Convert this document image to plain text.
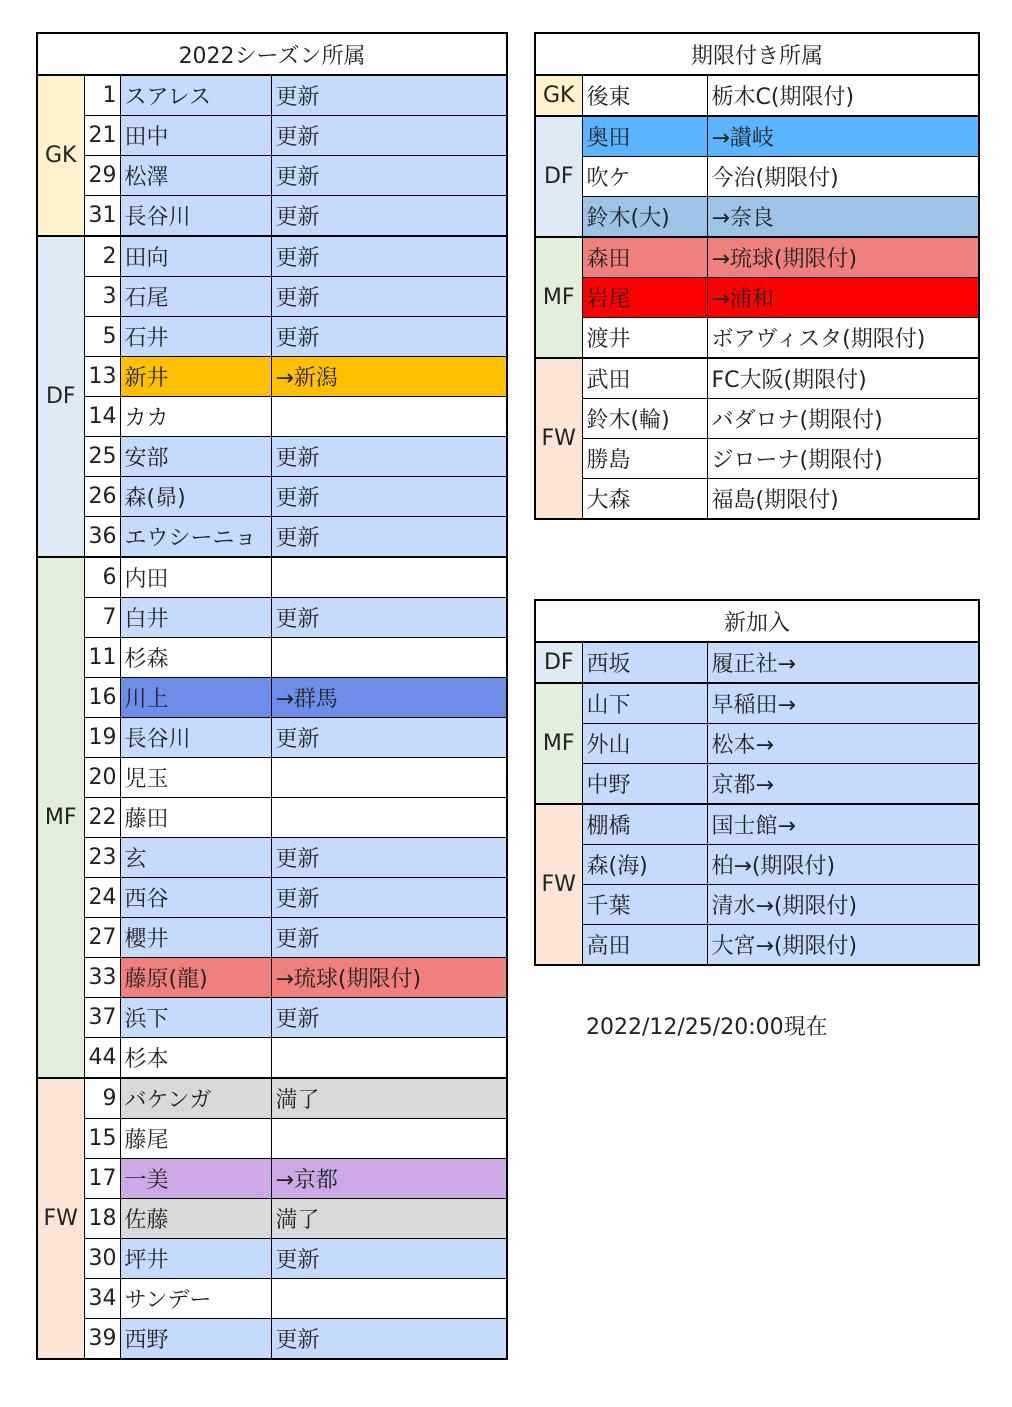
2022シーズン所属			
GK	1	スアレス	更新
	21	田中	更新
	29	松澤	更新
	31	長谷川	更新
DF	2	田向	更新
	3	石尾	更新
	5	石井	更新
	13	新井	→新潟
	14	カカ	
	25	安部	更新
	26	森(昴)	更新
	36	エウシーニョ	更新
MF	6	内田	
	7	白井	更新
	11	杉森	
	16	川上	→群馬
	19	長谷川	更新
	20	児玉	
	22	藤田	
	23	玄	更新
	24	西谷	更新
	27	櫻井	更新
	33	藤原(龍)	→琉球(期限付)
	37	浜下	更新
	44	杉本	
FW	9	バケンガ	満了
	15	藤尾	
	17	一美	→京都
	18	佐藤	満了
	30	坪井	更新
	34	サンデー	
	39	西野	更新
期限付き所属		
GK	後東	栃木C(期限付)
DF	奥田	→讃岐
	吹ケ	今治(期限付)
	鈴木(大)	→奈良
MF	森田	→琉球(期限付)
	岩尾	→浦和
	渡井	ボアヴィスタ(期限付)
FW	武田	FC大阪(期限付)
	鈴木(輪)	バダロナ(期限付)
	勝島	ジローナ(期限付)
	大森	福島(期限付)
新加入		
DF	西坂	履正社→
MF	山下	早稲田→
	外山	松本→
	中野	京都→
FW	棚橋	国士館→
	森(海)	柏→(期限付)
	千葉	清水→(期限付)
	高田	大宮→(期限付)
2022/12/25/20:00現在
